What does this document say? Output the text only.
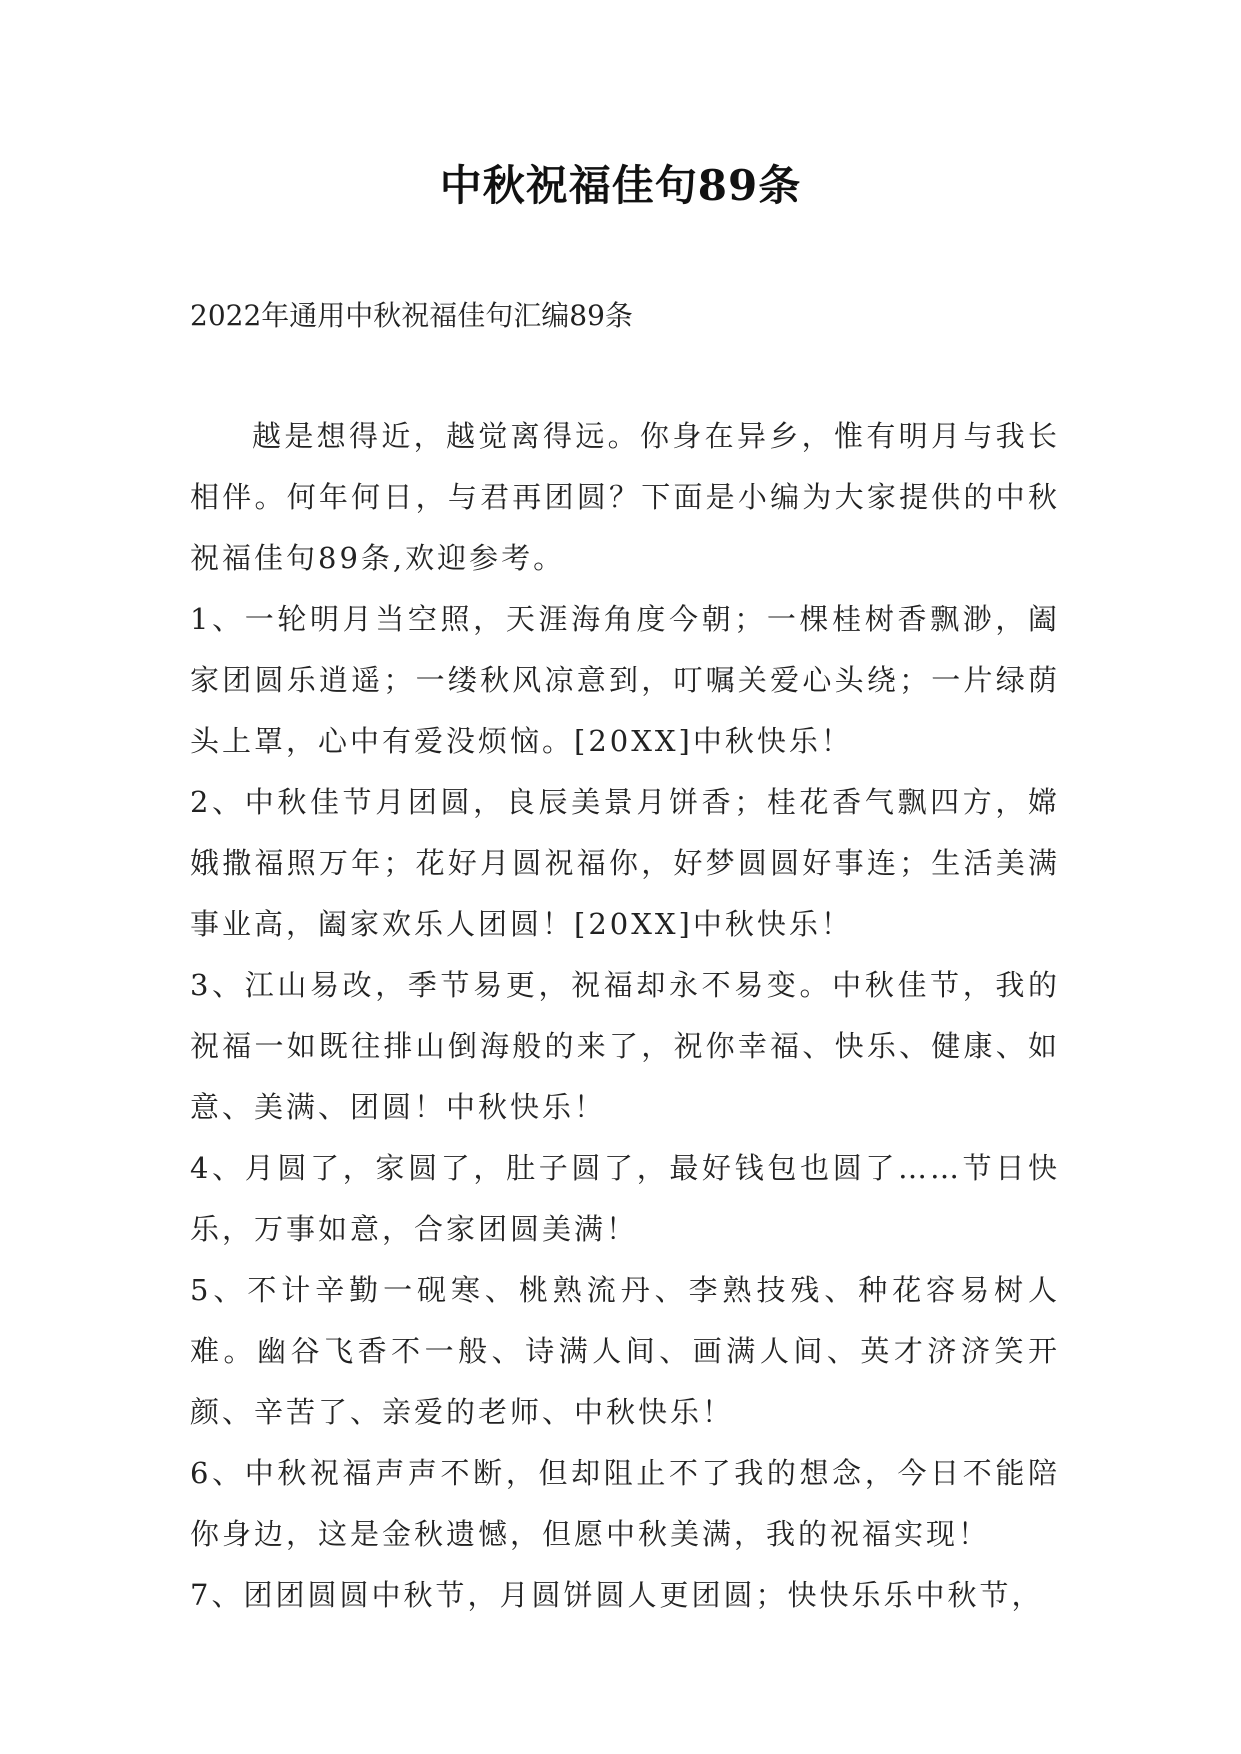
中秋祝福佳句89条
2022年通用中秋祝福佳句汇编89条

越是想得近，越觉离得远。你身在异乡，惟有明月与我长相伴。何年何日，与君再团圆？下面是小编为大家提供的中秋祝福佳句89条,欢迎参考。

1、一轮明月当空照，天涯海角度今朝；一棵桂树香飘渺，阖家团圆乐逍遥；一缕秋风凉意到，叮嘱关爱心头绕；一片绿荫头上罩，心中有爱没烦恼。[20XX]中秋快乐！

2、中秋佳节月团圆，良辰美景月饼香；桂花香气飘四方，嫦娥撒福照万年；花好月圆祝福你，好梦圆圆好事连；生活美满事业高，阖家欢乐人团圆！[20XX]中秋快乐！

3、江山易改，季节易更，祝福却永不易变。中秋佳节，我的祝福一如既往排山倒海般的来了，祝你幸福、快乐、健康、如意、美满、团圆！中秋快乐！

4、月圆了，家圆了，肚子圆了，最好钱包也圆了……节日快乐，万事如意，合家团圆美满！

5、不计辛勤一砚寒、桃熟流丹、李熟技残、种花容易树人难。幽谷飞香不一般、诗满人间、画满人间、英才济济笑开颜、辛苦了、亲爱的老师、中秋快乐！

6、中秋祝福声声不断，但却阻止不了我的想念，今日不能陪你身边，这是金秋遗憾，但愿中秋美满，我的祝福实现！

7、团团圆圆中秋节，月圆饼圆人更团圆；快快乐乐中秋节，
